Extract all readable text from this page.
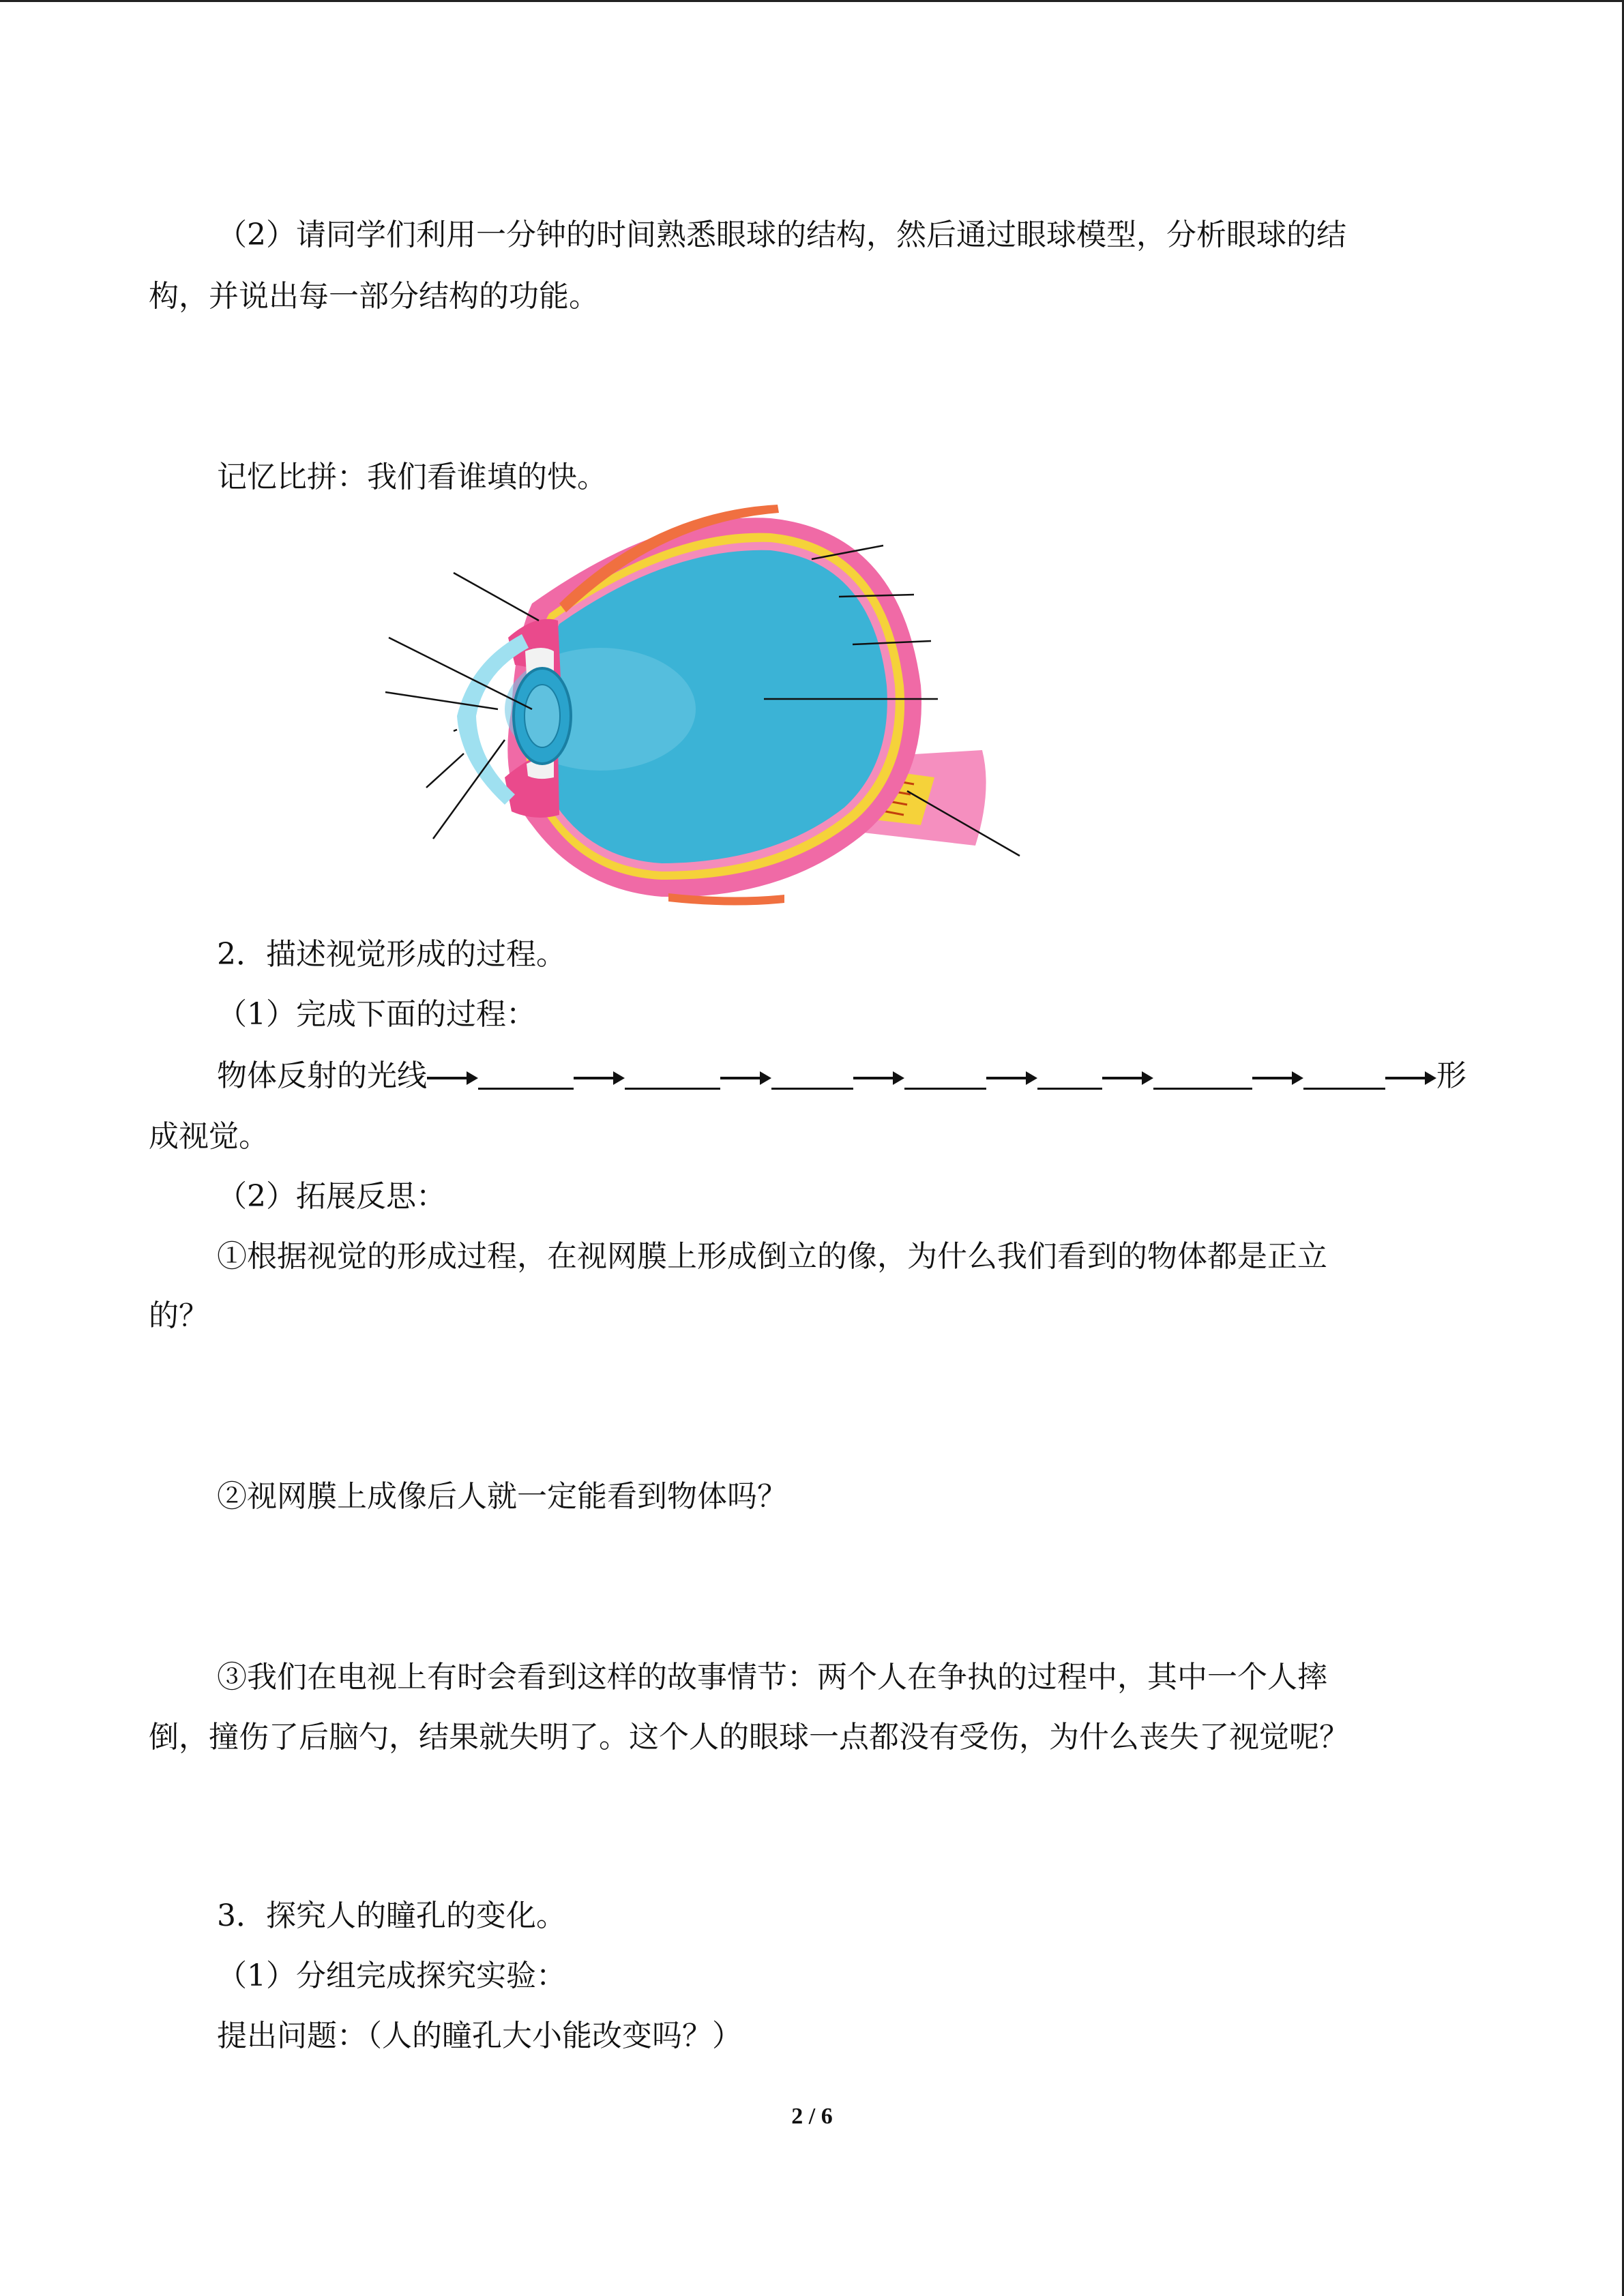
（2）请同学们利用一分钟的时间熟悉眼球的结构，然后通过眼球模型，分析眼球的结

构，并说出每一部分结构的功能。

记忆比拼：我们看谁填的快。

2．描述视觉形成的过程。

（1）完成下面的过程：

物体反射的光线	形

成视觉。

（2）拓展反思：

①根据视觉的形成过程，在视网膜上形成倒立的像，为什么我们看到的物体都是正立

的？

②视网膜上成像后人就一定能看到物体吗？

③我们在电视上有时会看到这样的故事情节：两个人在争执的过程中，其中一个人摔

倒，撞伤了后脑勺，结果就失明了。这个人的眼球一点都没有受伤，为什么丧失了视觉呢？

3．探究人的瞳孔的变化。

（1）分组完成探究实验：

提出问题：（人的瞳孔大小能改变吗？）

2 / 6
